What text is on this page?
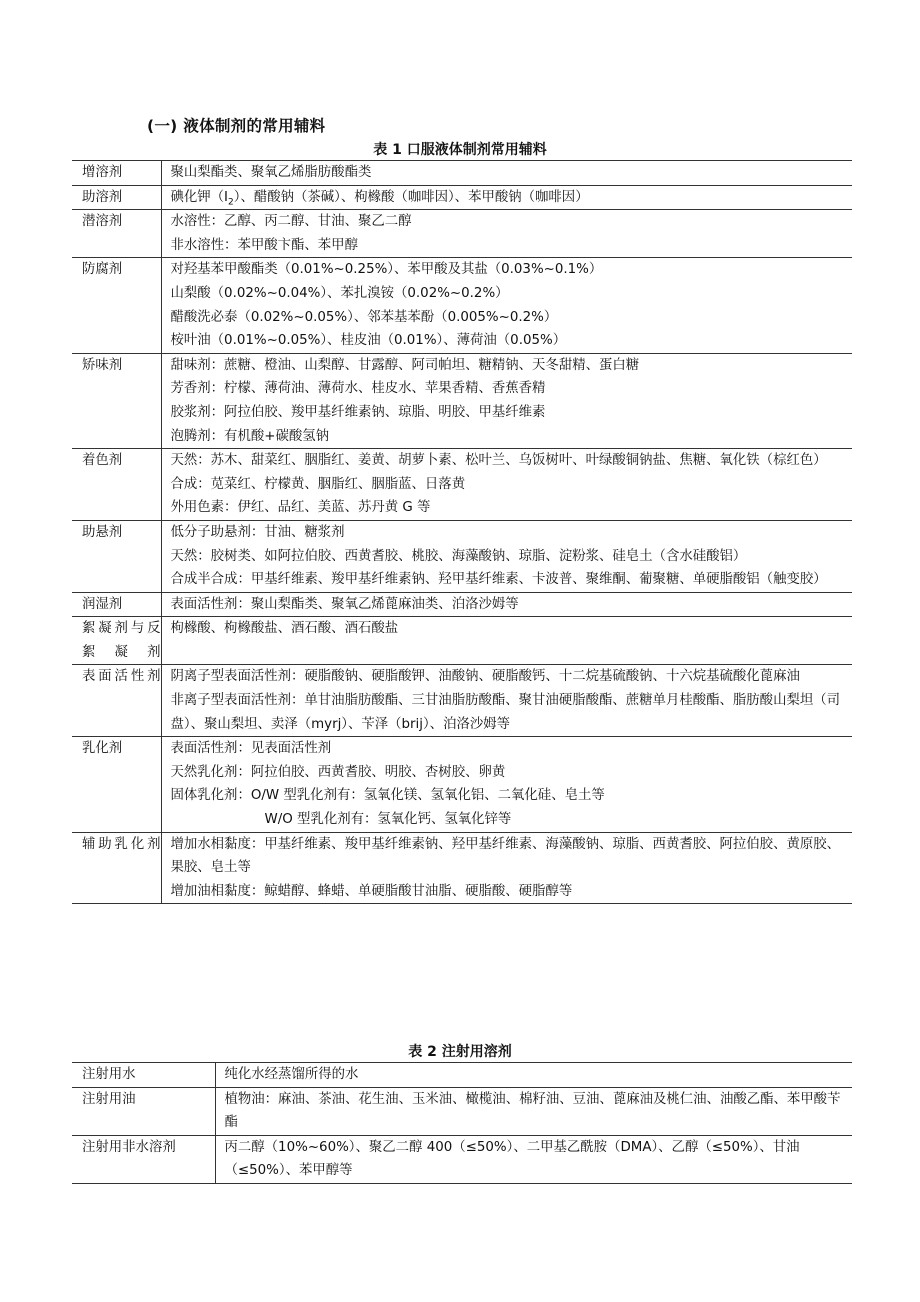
(一) 液体制剂的常用辅料
表 1 口服液体制剂常用辅料
增溶剂	聚山梨酯类、聚氧乙烯脂肪酸酯类

助溶剂	碘化钾$(I_2)$、醋酸钠（茶碱）、枸橼酸（咖啡因）、苯甲酸钠（咖啡因）

潜溶剂	水溶性：乙醇、丙二醇、甘油、聚乙二醇
非水溶性：苯甲酸卞酯、苯甲醇

防腐剂	对羟基苯甲酸酯类（0.01%~0.25%）、苯甲酸及其盐（0.03%~0.1%）
山梨酸（0.02%~0.04%）、苯扎溴铵（0.02%~0.2%）
醋酸洗必泰（0.02%~0.05%）、邻苯基苯酚（0.005%~0.2%）
桉叶油（0.01%~0.05%）、桂皮油（0.01%）、薄荷油（0.05%）

矫味剂	甜味剂：蔗糖、橙油、山梨醇、甘露醇、阿司帕坦、糖精钠、天冬甜精、蛋白糖
芳香剂：柠檬、薄荷油、薄荷水、桂皮水、苹果香精、香蕉香精
胶浆剂：阿拉伯胶、羧甲基纤维素钠、琼脂、明胶、甲基纤维素
泡腾剂：有机酸+碳酸氢钠

着色剂	天然：苏木、甜菜红、胭脂红、姜黄、胡萝卜素、松叶兰、乌饭树叶、叶绿酸铜钠盐、焦糖、氧化铁（棕红色）
合成：苋菜红、柠檬黄、胭脂红、胭脂蓝、日落黄
外用色素：伊红、品红、美蓝、苏丹黄 G 等

助悬剂	低分子助悬剂：甘油、糖浆剂
天然：胶树类、如阿拉伯胶、西黄耆胶、桃胶、海藻酸钠、琼脂、淀粉浆、硅皂土（含水硅酸铝）
合成半合成：甲基纤维素、羧甲基纤维素钠、羟甲基纤维素、卡波普、聚维酮、葡聚糖、单硬脂酸铝（触变胶）

润湿剂	表面活性剂：聚山梨酯类、聚氧乙烯蓖麻油类、泊洛沙姆等

絮凝剂与反絮凝剂	枸橼酸、枸橼酸盐、酒石酸、酒石酸盐

表面活性剂	阴离子型表面活性剂：硬脂酸钠、硬脂酸钾、油酸钠、硬脂酸钙、十二烷基硫酸钠、十六烷基硫酸化蓖麻油
非离子型表面活性剂：单甘油脂肪酸酯、三甘油脂肪酸酯、聚甘油硬脂酸酯、蔗糖单月桂酸酯、脂肪酸山梨坦（司盘）、聚山梨坦、卖泽（myrj）、苄泽（brij）、泊洛沙姆等

乳化剂	表面活性剂：见表面活性剂
天然乳化剂：阿拉伯胶、西黄耆胶、明胶、杏树胶、卵黄
固体乳化剂：O/W 型乳化剂有：氢氧化镁、氢氧化铝、二氧化硅、皂土等
W/O 型乳化剂有：氢氧化钙、氢氧化锌等

辅助乳化剂	增加水相黏度：甲基纤维素、羧甲基纤维素钠、羟甲基纤维素、海藻酸钠、琼脂、西黄耆胶、阿拉伯胶、黄原胶、果胶、皂土等
增加油相黏度：鲸蜡醇、蜂蜡、单硬脂酸甘油脂、硬脂酸、硬脂醇等
表 2 注射用溶剂
注射用水	纯化水经蒸馏所得的水

注射用油	植物油：麻油、茶油、花生油、玉米油、橄榄油、棉籽油、豆油、蓖麻油及桃仁油、油酸乙酯、苯甲酸苄酯

注射用非水溶剂	丙二醇（10%~60%）、聚乙二醇 400（≤50%）、二甲基乙酰胺（DMA）、乙醇（≤50%）、甘油（≤50%）、苯甲醇等
